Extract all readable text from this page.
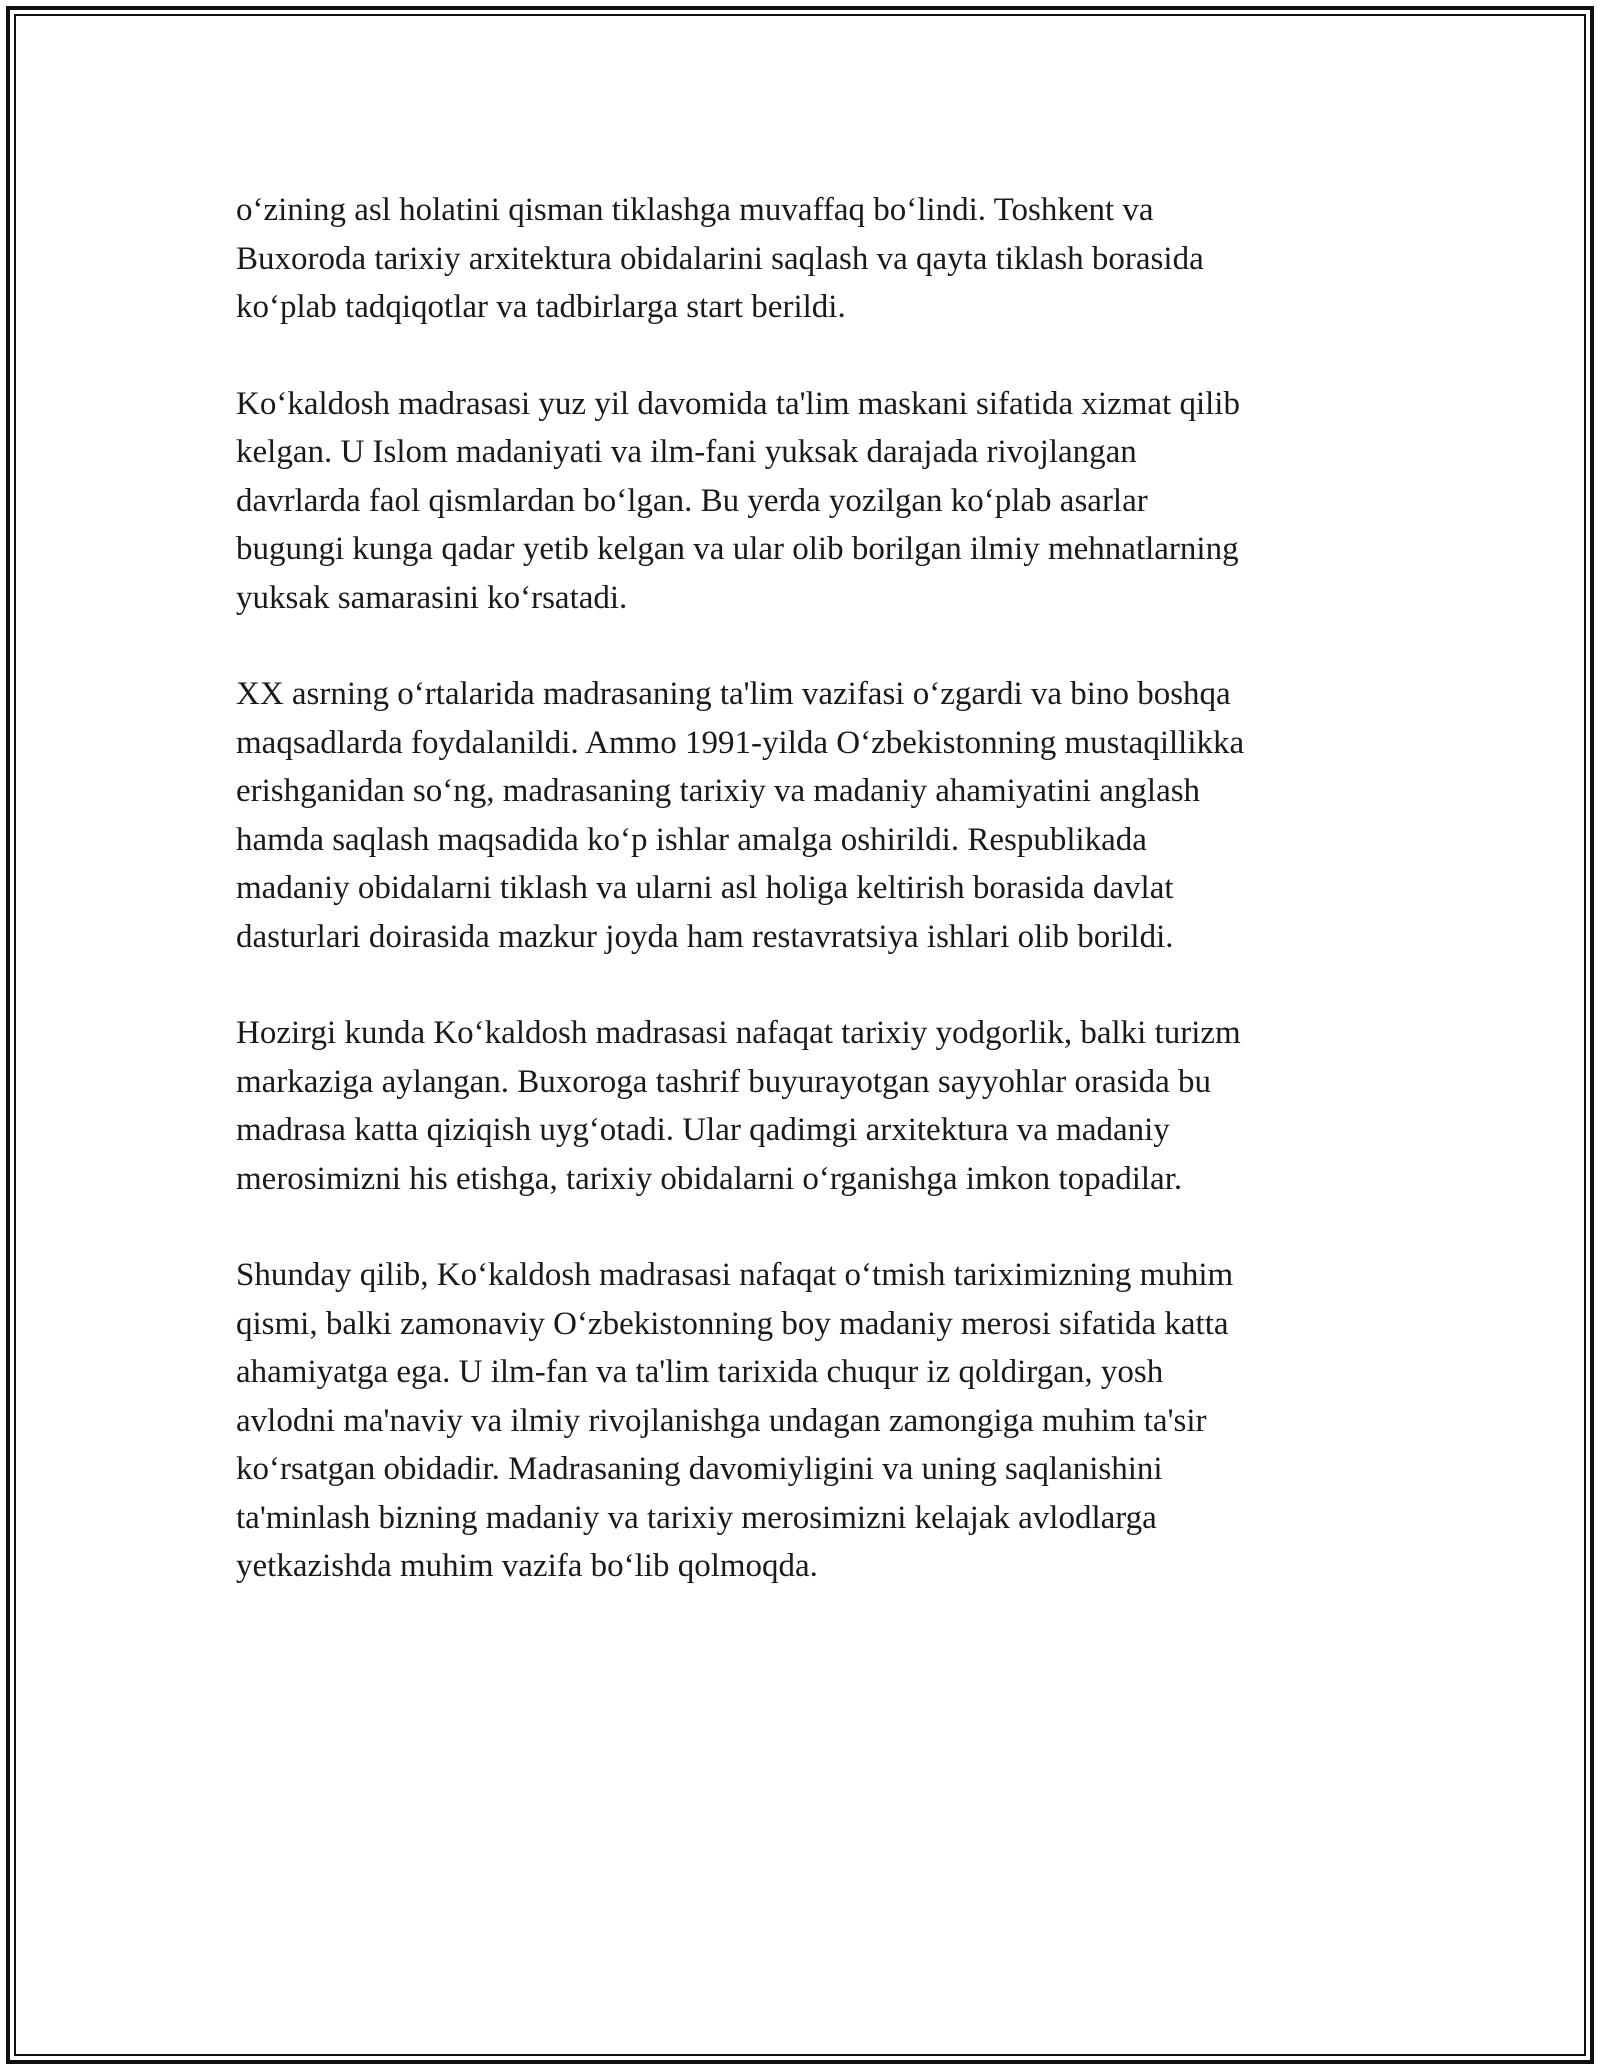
o‘zining asl holatini qisman tiklashga muvaffaq bo‘lindi. Toshkent va
Buxoroda tarixiy arxitektura obidalarini saqlash va qayta tiklash borasida
ko‘plab tadqiqotlar va tadbirlarga start berildi.

Ko‘kaldosh madrasasi yuz yil davomida ta'lim maskani sifatida xizmat qilib
kelgan. U Islom madaniyati va ilm-fani yuksak darajada rivojlangan
davrlarda faol qismlardan bo‘lgan. Bu yerda yozilgan ko‘plab asarlar
bugungi kunga qadar yetib kelgan va ular olib borilgan ilmiy mehnatlarning
yuksak samarasini ko‘rsatadi.

XX asrning o‘rtalarida madrasaning ta'lim vazifasi o‘zgardi va bino boshqa
maqsadlarda foydalanildi. Ammo 1991-yilda O‘zbekistonning mustaqillikka
erishganidan so‘ng, madrasaning tarixiy va madaniy ahamiyatini anglash
hamda saqlash maqsadida ko‘p ishlar amalga oshirildi. Respublikada
madaniy obidalarni tiklash va ularni asl holiga keltirish borasida davlat
dasturlari doirasida mazkur joyda ham restavratsiya ishlari olib borildi.

Hozirgi kunda Ko‘kaldosh madrasasi nafaqat tarixiy yodgorlik, balki turizm
markaziga aylangan. Buxoroga tashrif buyurayotgan sayyohlar orasida bu
madrasa katta qiziqish uyg‘otadi. Ular qadimgi arxitektura va madaniy
merosimizni his etishga, tarixiy obidalarni o‘rganishga imkon topadilar.

Shunday qilib, Ko‘kaldosh madrasasi nafaqat o‘tmish tariximizning muhim
qismi, balki zamonaviy O‘zbekistonning boy madaniy merosi sifatida katta
ahamiyatga ega. U ilm-fan va ta'lim tarixida chuqur iz qoldirgan, yosh
avlodni ma'naviy va ilmiy rivojlanishga undagan zamongiga muhim ta'sir
ko‘rsatgan obidadir. Madrasaning davomiyligini va uning saqlanishini
ta'minlash bizning madaniy va tarixiy merosimizni kelajak avlodlarga
yetkazishda muhim vazifa bo‘lib qolmoqda.
